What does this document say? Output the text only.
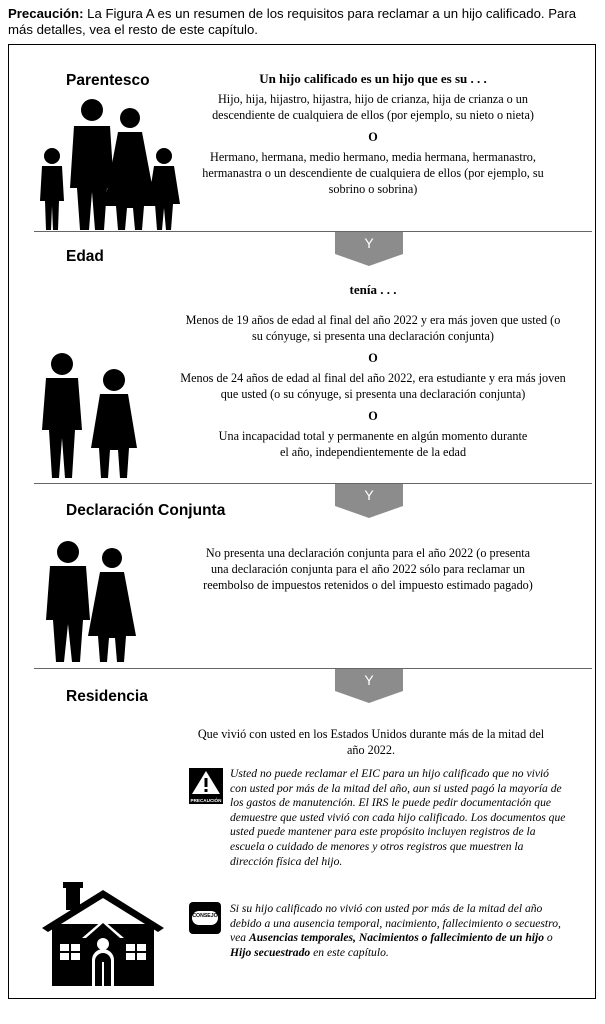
Precaución: La Figura A es un resumen de los requisitos para reclamar a un hijo calificado. Para más detalles, vea el resto de este capítulo.
Parentesco	Un hijo calificado es un hijo que es su . . .
Hijo, hija, hijastro, hijastra, hijo de crianza, hija de crianza o un descendiente de cualquiera de ellos (por ejemplo, su nieto o nieta)
O
Hermano, hermana, medio hermano, media hermana, hermanastro, hermanastra o un descendiente de cualquiera de ellos (por ejemplo, su sobrino o sobrina)
Y
Edad
tenía . . .
Menos de 19 años de edad al final del año 2022 y era más joven que usted (o su cónyuge, si presenta una declaración conjunta)
O
Menos de 24 años de edad al final del año 2022, era estudiante y era más joven que usted (o su cónyuge, si presenta una declaración conjunta)
O
Una incapacidad total y permanente en algún momento durante el año, independientemente de la edad
Y
Declaración Conjunta
No presenta una declaración conjunta para el año 2022 (o presenta una declaración conjunta para el año 2022 sólo para reclamar un reembolso de impuestos retenidos o del impuesto estimado pagado)
Y
Residencia
Que vivió con usted en los Estados Unidos durante más de la mitad del año 2022.
PRECAUCIÓN
Usted no puede reclamar el EIC para un hijo calificado que no vivió con usted por más de la mitad del año, aun si usted pagó la mayoría de los gastos de manutención. El IRS le puede pedir documentación que demuestre que usted vivió con cada hijo calificado. Los documentos que usted puede mantener para este propósito incluyen registros de la escuela o cuidado de menores y otros registros que muestren la dirección física del hijo.
CONSEJO
Si su hijo calificado no vivió con usted por más de la mitad del año debido a una ausencia temporal, nacimiento, fallecimiento o secuestro, vea Ausencias temporales, Nacimientos o fallecimiento de un hijo o Hijo secuestrado en este capítulo.
